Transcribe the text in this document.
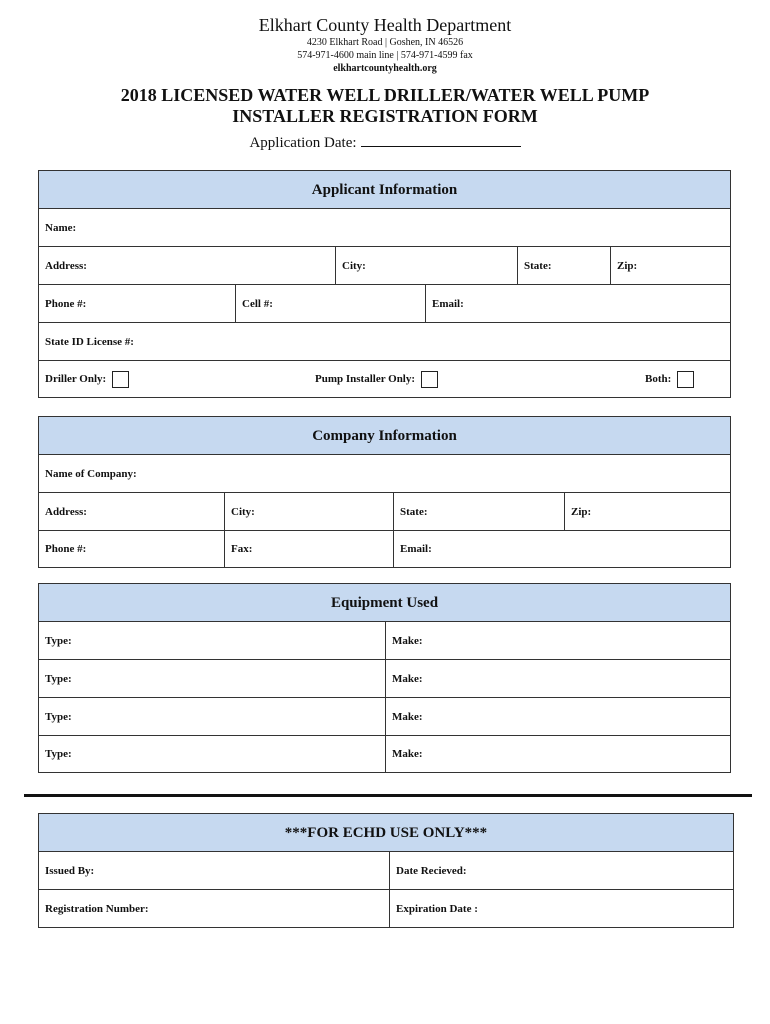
Elkhart County Health Department
4230 Elkhart Road | Goshen, IN 46526
574-971-4600 main line | 574-971-4599 fax
elkhartcountyhealth.org
2018 LICENSED WATER WELL DRILLER/WATER WELL PUMP
INSTALLER REGISTRATION FORM
Application Date:
Applicant Information
Name:
Address:	City:	State:	Zip:
Phone #:	Cell #:	Email:
State ID License #:
Driller Only:	Pump Installer Only:	Both:
Company Information
Name of Company:
Address:	City:	State:	Zip:
Phone #:	Fax:	Email:
Equipment Used
Type:	Make:
Type:	Make:
Type:	Make:
Type:	Make:
***FOR ECHD USE ONLY***
Issued By:	Date Recieved:
Registration Number:	Expiration Date :
